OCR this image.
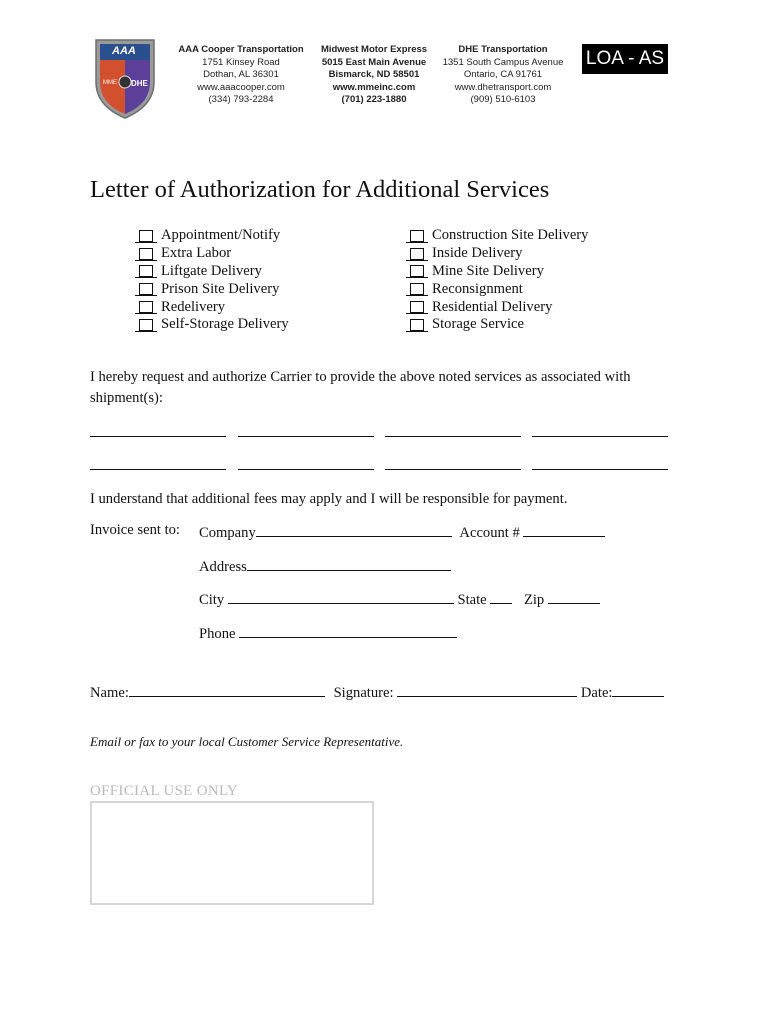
AAA
MME DHE
AAA Cooper Transportation
1751 Kinsey Road
Dothan, AL 36301
www.aaacooper.com
(334) 793-2284
Midwest Motor Express
5015 East Main Avenue
Bismarck, ND 58501
www.mmeinc.com
(701) 223-1880
DHE Transportation
1351 South Campus Avenue
Ontario, CA 91761
www.dhetransport.com
(909) 510-6103
LOA - AS
Letter of Authorization for Additional Services
Appointment/Notify
Extra Labor
Liftgate Delivery
Prison Site Delivery
Redelivery
Self-Storage Delivery
Construction Site Delivery
Inside Delivery
Mine Site Delivery
Reconsignment
Residential Delivery
Storage Service
I hereby request and authorize Carrier to provide the above noted services as associated with shipment(s):
I understand that additional fees may apply and I will be responsible for payment.
Invoice sent to: Company	Account #
Address
City	State	Zip
Phone
Name:	Signature:	Date:
Email or fax to your local Customer Service Representative.
OFFICIAL USE ONLY
